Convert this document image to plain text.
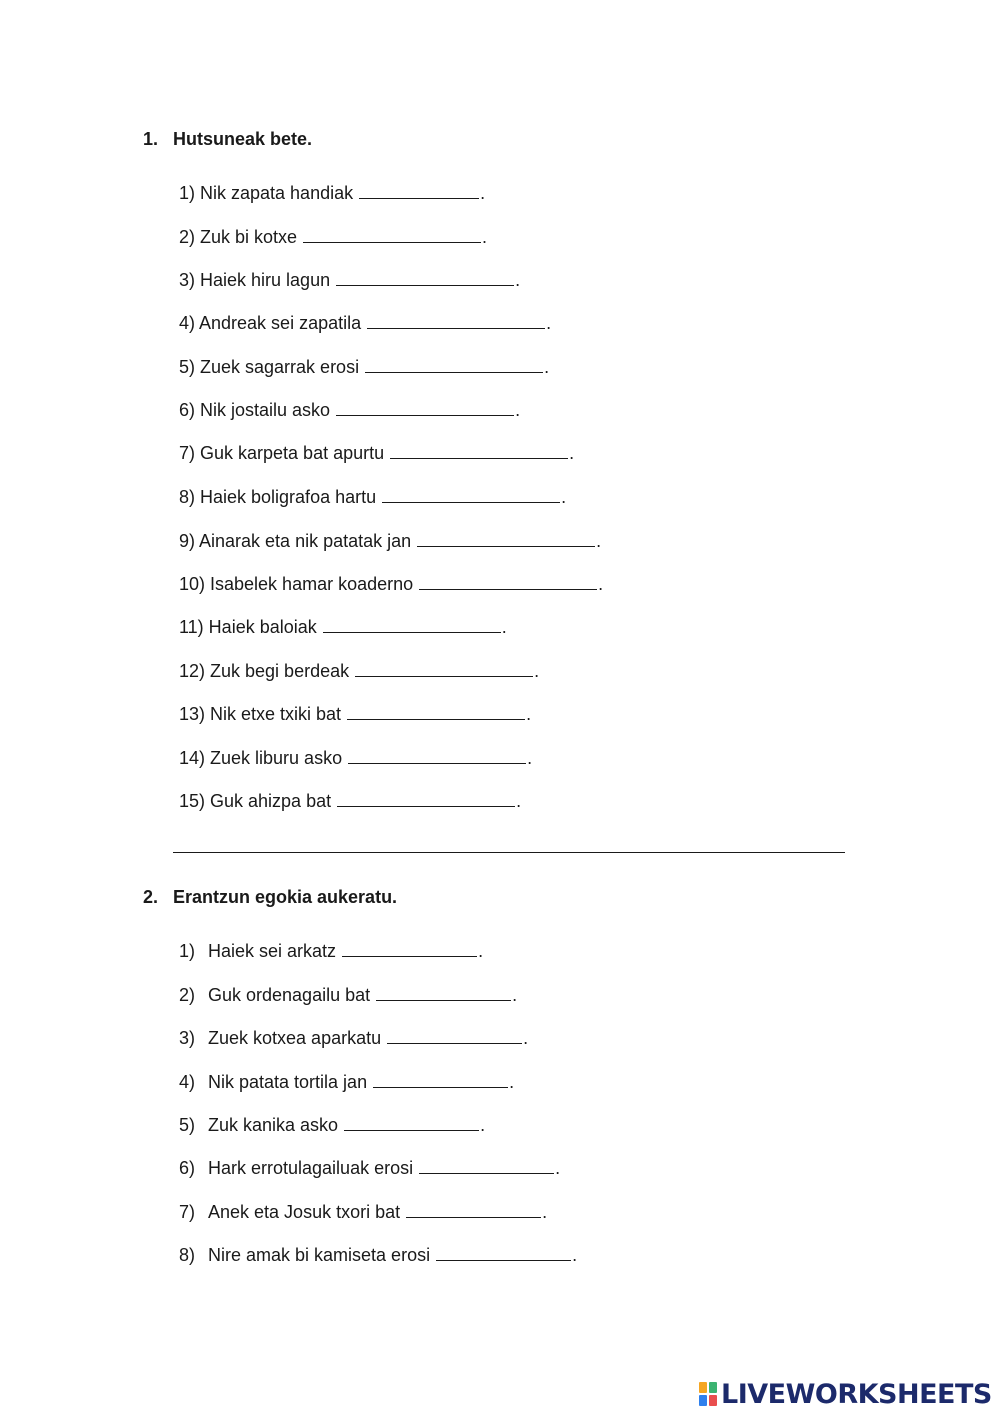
1. Hutsuneak bete.
1) Nik zapata handiak	.
2) Zuk bi kotxe	.
3) Haiek hiru lagun	.
4) Andreak sei zapatila	.
5) Zuek sagarrak erosi	.
6) Nik jostailu asko	.
7) Guk karpeta bat apurtu	.
8) Haiek boligrafoa hartu	.
9) Ainarak eta nik patatak jan	.
10) Isabelek hamar koaderno	.
11) Haiek baloiak	.
12) Zuk begi berdeak	.
13) Nik etxe txiki bat	.
14) Zuek liburu asko	.
15) Guk ahizpa bat	.
2. Erantzun egokia aukeratu.
1) Haiek sei arkatz	.
2) Guk ordenagailu bat	.
3) Zuek kotxea aparkatu	.
4) Nik patata tortila jan	.
5) Zuk kanika asko	.
6) Hark errotulagailuak erosi	.
7) Anek eta Josuk txori bat	.
8) Nire amak bi kamiseta erosi	.
LIVEWORKSHEETS
